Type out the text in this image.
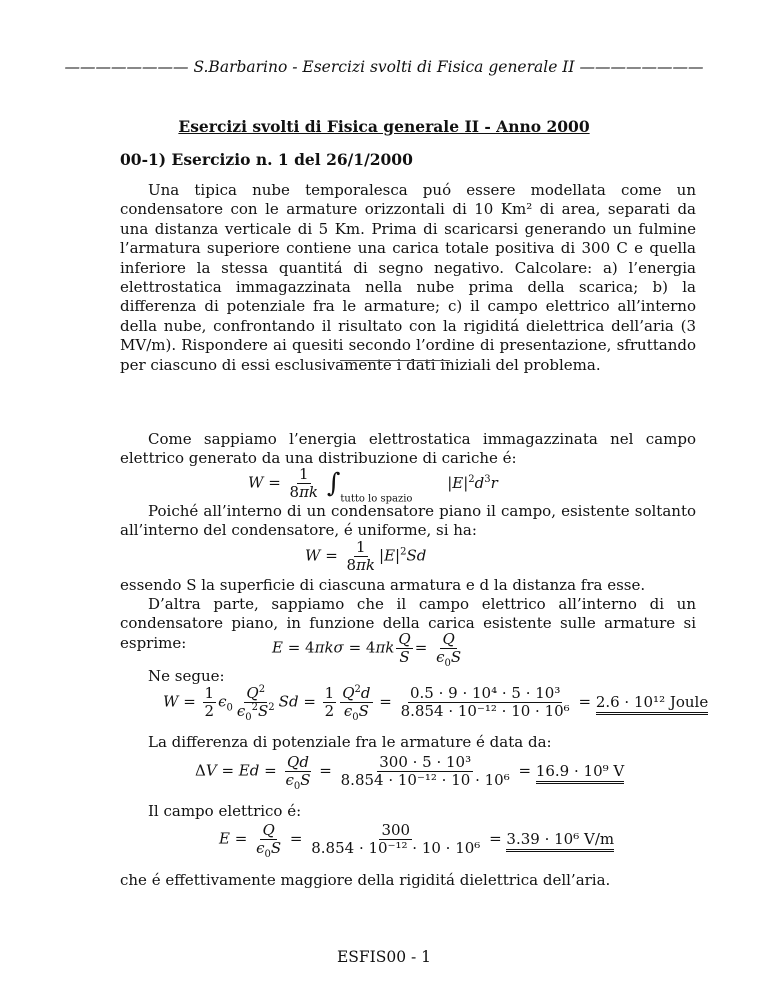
———————— S.Barbarino - Esercizi svolti di Fisica generale II ————————
Esercizi svolti di Fisica generale II - Anno 2000
00-1) Esercizio n. 1 del 26/1/2000
Una tipica nube temporalesca puó essere modellata come un condensatore con le armature orizzontali di 10 Km² di area, separati da una distanza verticale di 5 Km. Prima di scaricarsi generando un fulmine l’armatura superiore contiene una carica totale positiva di 300 C e quella inferiore la stessa quantitá di segno negativo. Calcolare: a) l’energia elettrostatica immagazzinata nella nube prima della scarica; b) la differenza di potenziale fra le armature; c) il campo elettrico all’interno della nube, confrontando il risultato con la rigiditá dielettrica dell’aria (3 MV/m). Rispondere ai quesiti secondo l’ordine di presentazione, sfruttando per ciascuno di essi esclusivamente i dati iniziali del problema.
Come sappiamo l’energia elettrostatica immagazzinata nel campo elettrico generato da una distribuzione di cariche é:
$W = \frac{1}{8\pi k} \int_{tutto lo spazio}$ $|E|^2d^3r$
Poiché all’interno di un condensatore piano il campo, esistente soltanto all’interno del condensatore, é uniforme, si ha:
$W = \frac{1}{8\pi k} |E|^2Sd$
essendo S la superficie di ciascuna armatura e d la distanza fra esse.
D’altra parte, sappiamo che il campo elettrico all’interno di un condensatore piano, in funzione della carica esistente sulle armature si esprime:	$E = 4\pi k\sigma = 4\pi k \frac{Q}{S} = \frac{Q}{\epsilon_0S}$
Ne segue:
$W = \frac{1}{2} \epsilon_0 \frac{Q^2}{\epsilon_0^2S^2}$ $Sd = \frac{1}{2} \frac{Q^2d}{\epsilon_0S} = \frac{\text{0.5 · 9 · 10⁴ · 5 · 10³}}{\text{8.854 · 10⁻¹² · 10 · 10⁶}} = 2.6 \cdot 10^{12}$ Joule
La differenza di potenziale fra le armature é data da:
$\Delta V = Ed = \frac{Qd}{\epsilon_0S} = \frac{\text{300 · 5 · 10³}}{\text{8.854 · 10⁻¹² · 10 · 10⁶}} = 16.9 \cdot 10^9$ V
Il campo elettrico é:
$E = \frac{Q}{\epsilon_0S} = \frac{300}{\text{8.854 · 10⁻¹² · 10 · 10⁶}} = 3.39 \cdot 10^6$ V/m
che é effettivamente maggiore della rigiditá dielettrica dell’aria.
ESFIS00 - 1
